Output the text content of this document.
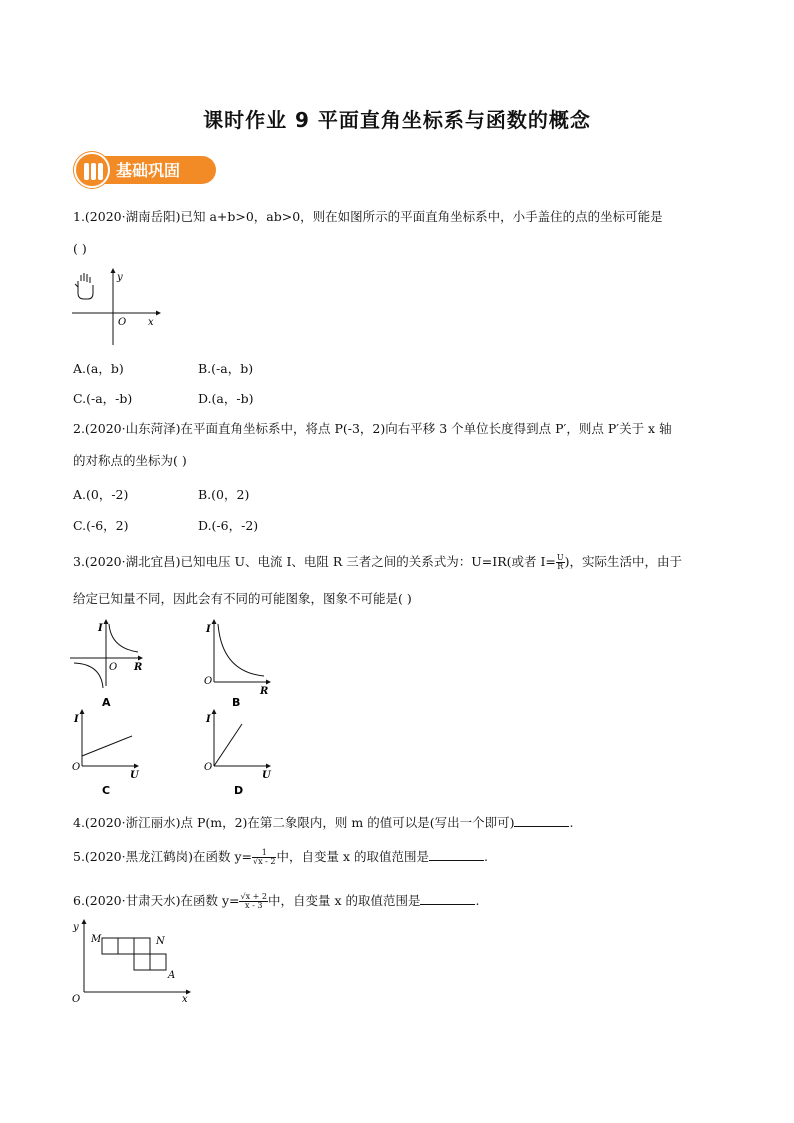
课时作业 9 平面直角坐标系与函数的概念
基础巩固
1.(2020·湖南岳阳)已知 a+b>0，ab>0，则在如图所示的平面直角坐标系中，小手盖住的点的坐标可能是
( )
y
O x
A.(a，b)	B.(-a，b)
C.(-a，-b)	D.(a，-b)
2.(2020·山东菏泽)在平面直角坐标系中，将点 P(-3，2)向右平移 3 个单位长度得到点 P′，则点 P′关于 x 轴
的对称点的坐标为( )
A.(0，-2)	B.(0，2)
C.(-6，2)	D.(-6，-2)
3.(2020·湖北宜昌)已知电压 U、电流 I、电阻 R 三者之间的关系式为：U=IR(或者 $I= \frac{U}{R}$ )，实际生活中，由于
给定已知量不同，因此会有不同的可能图象，图象不可能是( )
I
O R
A
I
O
R
B
I
O
U
C
I
O
U
D
4.(2020·浙江丽水)点 P(m，2)在第二象限内，则 m 的值可以是(写出一个即可)	.
5.(2020·黑龙江鹤岗)在函数 $y= \frac{1}{√x - 2}$ 中，自变量 x 的取值范围是	.
6.(2020·甘肃天水)在函数 $y= \frac{√x + 2}{x - 3}$ 中，自变量 x 的取值范围是	.
y
O	x
M	N
A
